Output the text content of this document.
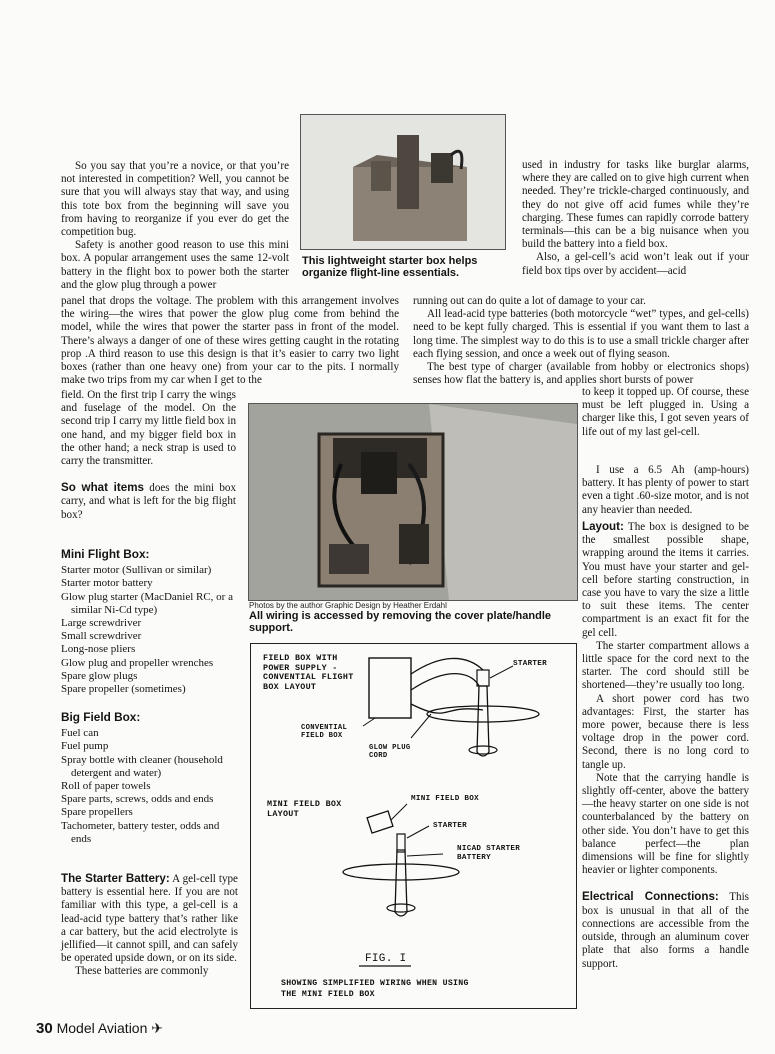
So you say that you’re a novice, or that you’re not interested in competition? Well, you cannot be sure that you will always stay that way, and using this tote box from the beginning will save you from having to reorganize if you ever do get the competition bug.

Safety is another good reason to use this mini box. A popular arrangement uses the same 12-volt battery in the flight box to power both the starter and the glow plug through a power

This lightweight starter box helps organize flight-line essentials.

used in industry for tasks like burglar alarms, where they are called on to give high current when needed. They’re trickle-charged continuously, and they do not give off acid fumes while they’re charging. These fumes can rapidly corrode battery terminals—this can be a big nuisance when you build the battery into a field box.

Also, a gel-cell’s acid won’t leak out if your field box tips over by accident—acid

panel that drops the voltage. The problem with this arrangement involves the wiring—the wires that power the glow plug come from behind the model, while the wires that power the starter pass in front of the model. There’s always a danger of one of these wires getting caught in the rotating prop .A third reason to use this design is that it’s easier to carry two light boxes (rather than one heavy one) from your car to the pits. I normally make two trips from my car when I get to the

running out can do quite a lot of damage to your car.

All lead-acid type batteries (both motorcycle “wet” types, and gel-cells) need to be kept fully charged. This is essential if you want them to last a long time. The simplest way to do this is to use a small trickle charger after each flying session, and once a week out of flying season.

The best type of charger (available from hobby or electronics shops) senses how flat the battery is, and applies short bursts of power

field. On the first trip I carry the wings and fuselage of the model. On the second trip I carry my little field box in one hand, and my bigger field box in the other hand; a neck strap is used to carry the transmitter.

So what items does the mini box carry, and what is left for the big flight box?

Photos by the author Graphic Design by Heather Erdahl
All wiring is accessed by removing the cover plate/handle support.
to keep it topped up. Of course, these must be left plugged in. Using a charger like this, I got seven years of life out of my last gel-cell.

I use a 6.5 Ah (amp-hours) battery. It has plenty of power to start even a tight .60-size motor, and is not any heavier than needed.

Layout: The box is designed to be the smallest possible shape, wrapping around the items it carries. You must have your starter and gel-cell before starting construction, in case you have to vary the size a little to suit these items. The center compartment is an exact fit for the gel cell.

The starter compartment allows a little space for the cord next to the starter. The cord should still be shortened—they’re usually too long.

A short power cord has two advantages: First, the starter has more power, because there is less voltage drop in the power cord. Second, there is no long cord to tangle up.

Note that the carrying handle is slightly off-center, above the battery—the heavy starter on one side is not counterbalanced by the battery on other side. You don’t have to get this balance perfect—the plan dimensions will be fine for slightly heavier or lighter components.

Electrical Connections: This box is unusual in that all of the connections are accessible from the outside, through an aluminum cover plate that also forms a handle support.

Mini Flight Box:
Starter motor (Sullivan or similar)
Starter motor battery
Glow plug starter (MacDaniel RC, or a similar Ni-Cd type)
Large screwdriver
Small screwdriver
Long-nose pliers
Glow plug and propeller wrenches
Spare glow plugs
Spare propeller (sometimes)
Big Field Box:
Fuel can
Fuel pump
Spray bottle with cleaner (household detergent and water)
Roll of paper towels
Spare parts, screws, odds and ends
Spare propellers
Tachometer, battery tester, odds and ends

The Starter Battery: A gel-cell type battery is essential here. If you are not familiar with this type, a gel-cell is a lead-acid type battery that’s rather like a car battery, but the acid electrolyte is jellified—it cannot spill, and can safely be operated upside down, or on its side.

These batteries are commonly

FIELD BOX WITH
POWER SUPPLY -
CONVENTIAL FLIGHT
BOX LAYOUT
CONVENTIAL
FIELD BOX
GLOW PLUG
CORD
STARTER
MINI FIELD BOX
LAYOUT
MINI FIELD BOX
STARTER
NICAD STARTER
BATTERY
FIG. I
SHOWING SIMPLIFIED WIRING WHEN USING
THE MINI FIELD BOX
30 Model Aviation ✈
